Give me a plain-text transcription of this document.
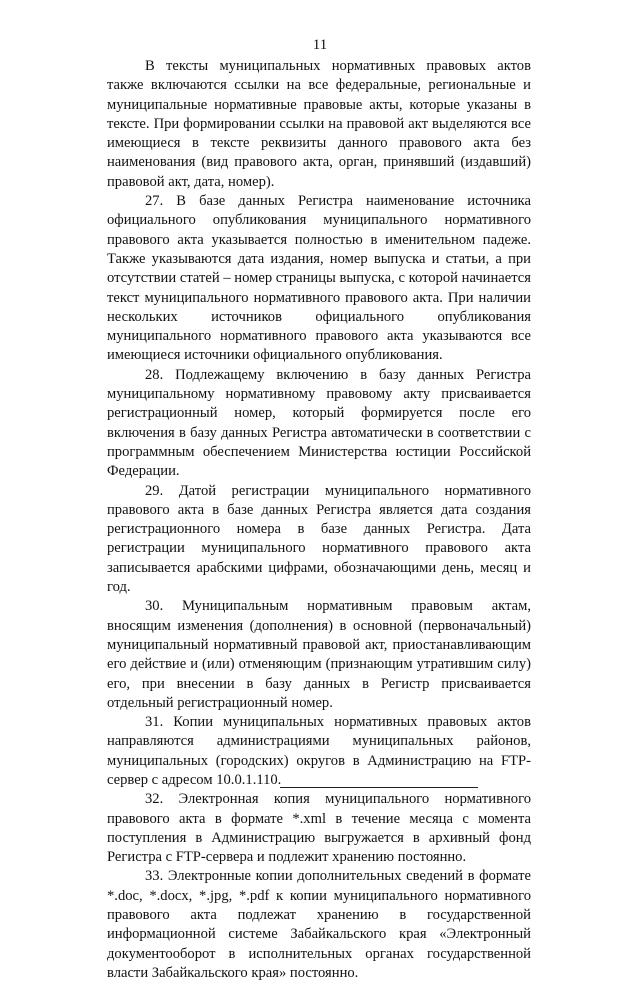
11

В тексты муниципальных нормативных правовых актов также включаются ссылки на все федеральные, региональные и муниципальные нормативные правовые акты, которые указаны в тексте. При формировании ссылки на правовой акт выделяются все имеющиеся в тексте реквизиты данного правового акта без наименования (вид правового акта, орган, принявший (издавший) правовой акт, дата, номер).

27. В базе данных Регистра наименование источника официального опубликования муниципального нормативного правового акта указывается полностью в именительном падеже. Также указываются дата издания, номер выпуска и статьи, а при отсутствии статей – номер страницы выпуска, с которой начинается текст муниципального нормативного правового акта. При наличии нескольких источников официального опубликования муниципального нормативного правового акта указываются все имеющиеся источники официального опубликования.

28. Подлежащему включению в базу данных Регистра муниципальному нормативному правовому акту присваивается регистрационный номер, который формируется после его включения в базу данных Регистра автоматически в соответствии с программным обеспечением Министерства юстиции Российской Федерации.

29. Датой регистрации муниципального нормативного правового акта в базе данных Регистра является дата создания регистрационного номера в базе данных Регистра. Дата регистрации муниципального нормативного правового акта записывается арабскими цифрами, обозначающими день, месяц и год.

30. Муниципальным нормативным правовым актам, вносящим изменения (дополнения) в основной (первоначальный) муниципальный нормативный правовой акт, приостанавливающим его действие и (или) отменяющим (признающим утратившим силу) его, при внесении в базу данных в Регистр присваивается отдельный регистрационный номер.

31. Копии муниципальных нормативных правовых актов направляются администрациями муниципальных районов, муниципальных (городских) округов в Администрацию на FTP-сервер с адресом 10.0.1.110.

32. Электронная копия муниципального нормативного правового акта в формате *.xml в течение месяца с момента поступления в Администрацию выгружается в архивный фонд Регистра с FTP-сервера и подлежит хранению постоянно.

33. Электронные копии дополнительных сведений в формате *.doc, *.docx, *.jpg, *.pdf к копии муниципального нормативного правового акта подлежат хранению в государственной информационной системе Забайкальского края «Электронный документооборот в исполнительных органах государственной власти Забайкальского края» постоянно.
